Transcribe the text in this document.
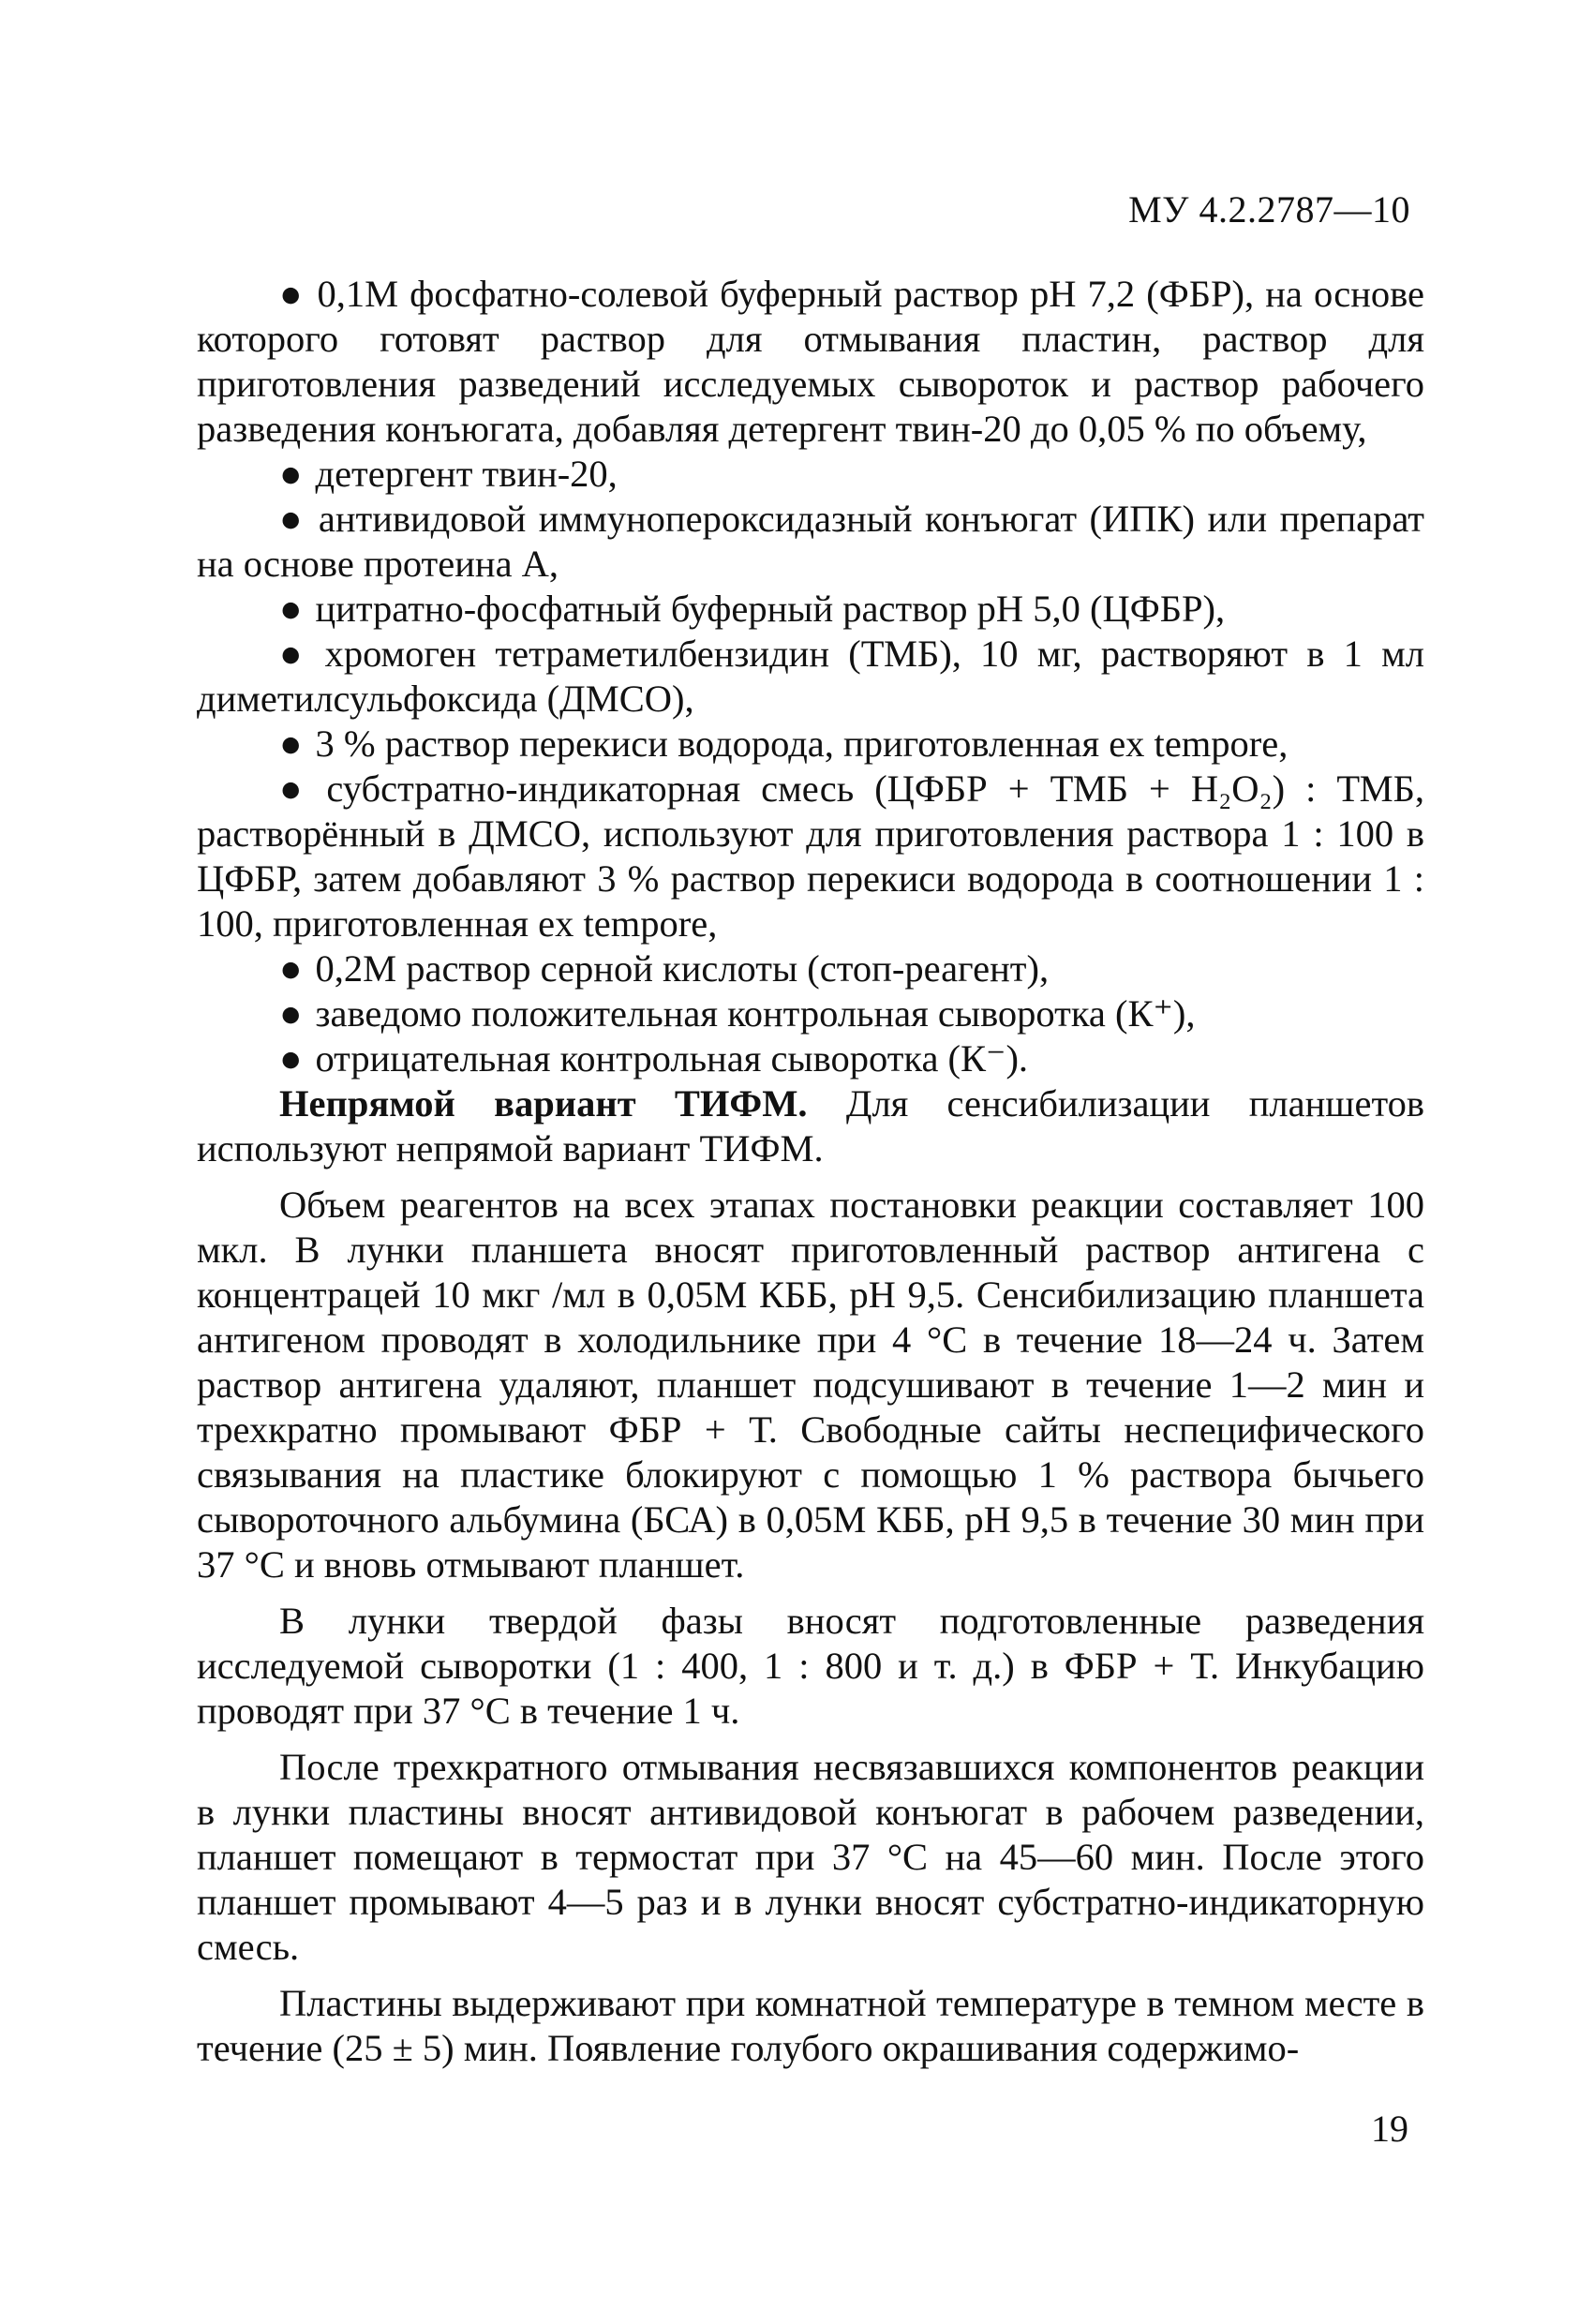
МУ 4.2.2787—10
● 0,1М фосфатно-солевой буферный раствор рН 7,2 (ФБР), на основе которого готовят раствор для отмывания пластин, раствор для приготовления разведений исследуемых сывороток и раствор рабочего разведения конъюгата, добавляя детергент твин-20 до 0,05 % по объему,
● детергент твин-20,
● антивидовой иммунопероксидазный конъюгат (ИПК) или препарат на основе протеина А,
● цитратно-фосфатный буферный раствор рН 5,0 (ЦФБР),
● хромоген тетраметилбензидин (ТМБ), 10 мг, растворяют в 1 мл диметилсульфоксида (ДМСО),
● 3 % раствор перекиси водорода, приготовленная ex tempore,
● субстратно-индикаторная смесь (ЦФБР + ТМБ + H₂O₂) : ТМБ, растворённый в ДМСО, используют для приготовления раствора 1 : 100 в ЦФБР, затем добавляют 3 % раствор перекиси водорода в соотношении 1 : 100, приготовленная ex tempore,
● 0,2М раствор серной кислоты (стоп-реагент),
● заведомо положительная контрольная сыворотка (К⁺),
● отрицательная контрольная сыворотка (К⁻).

Непрямой вариант ТИФМ. Для сенсибилизации планшетов используют непрямой вариант ТИФМ.

Объем реагентов на всех этапах постановки реакции составляет 100 мкл. В лунки планшета вносят приготовленный раствор антигена с концентрацей 10 мкг /мл в 0,05М КББ, рН 9,5. Сенсибилизацию планшета антигеном проводят в холодильнике при 4 °С в течение 18—24 ч. Затем раствор антигена удаляют, планшет подсушивают в течение 1—2 мин и трехкратно промывают ФБР + Т. Свободные сайты неспецифического связывания на пластике блокируют с помощью 1 % раствора бычьего сывороточного альбумина (БСА) в 0,05М КББ, рН 9,5 в течение 30 мин при 37 °С и вновь отмывают планшет.

В лунки твердой фазы вносят подготовленные разведения исследуемой сыворотки (1 : 400, 1 : 800 и т. д.) в ФБР + Т. Инкубацию проводят при 37 °С в течение 1 ч.

После трехкратного отмывания несвязавшихся компонентов реакции в лунки пластины вносят антивидовой конъюгат в рабочем разведении, планшет помещают в термостат при 37 °С на 45—60 мин. После этого планшет промывают 4—5 раз и в лунки вносят субстратно-индикаторную смесь.

Пластины выдерживают при комнатной температуре в темном месте в течение (25 ± 5) мин. Появление голубого окрашивания содержимо-

19
